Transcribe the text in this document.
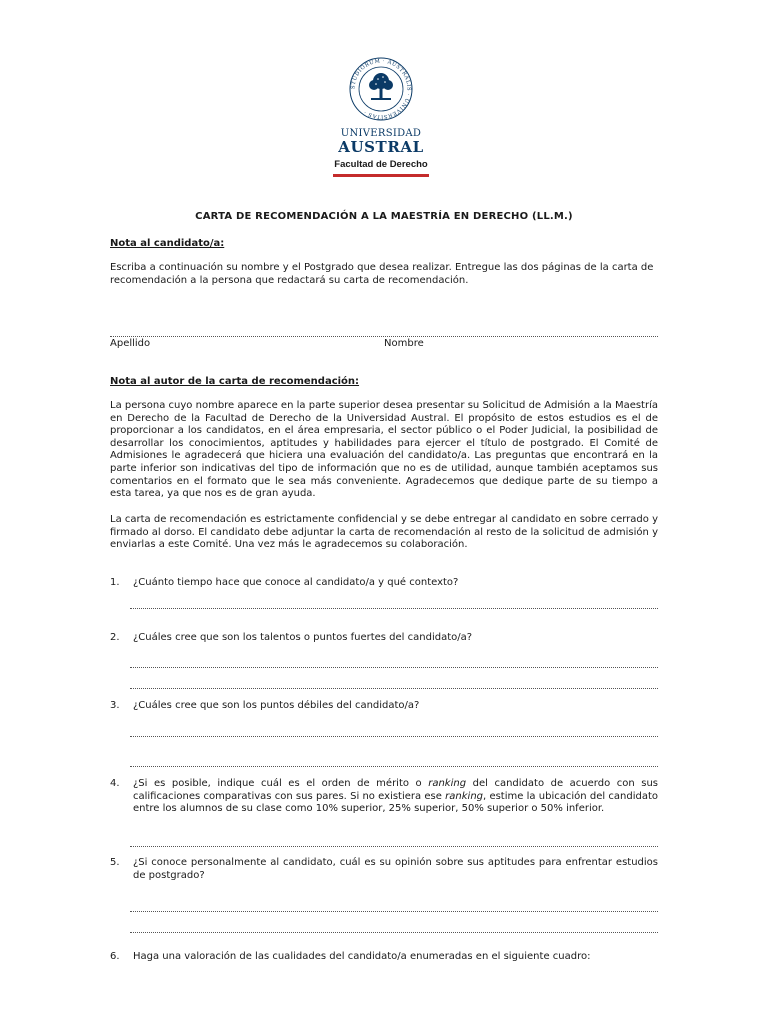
STUDIORUM · AUSTRALIS · UNIVERSITAS ·
UNIVERSIDAD
AUSTRAL
Facultad de Derecho
CARTA DE RECOMENDACIÓN A LA MAESTRÍA EN DERECHO (LL.M.)
Nota al candidato/a:
Escriba a continuación su nombre y el Postgrado que desea realizar. Entregue las dos páginas de la carta de recomendación a la persona que redactará su carta de recomendación.
Apellido	Nombre
Nota al autor de la carta de recomendación:
La persona cuyo nombre aparece en la parte superior desea presentar su Solicitud de Admisión a la Maestría en Derecho de la Facultad de Derecho de la Universidad Austral. El propósito de estos estudios es el de proporcionar a los candidatos, en el área empresaria, el sector público o el Poder Judicial, la posibilidad de desarrollar los conocimientos, aptitudes y habilidades para ejercer el título de postgrado. El Comité de Admisiones le agradecerá que hiciera una evaluación del candidato/a. Las preguntas que encontrará en la parte inferior son indicativas del tipo de información que no es de utilidad, aunque también aceptamos sus comentarios en el formato que le sea más conveniente. Agradecemos que dedique parte de su tiempo a esta tarea, ya que nos es de gran ayuda.
La carta de recomendación es estrictamente confidencial y se debe entregar al candidato en sobre cerrado y firmado al dorso. El candidato debe adjuntar la carta de recomendación al resto de la solicitud de admisión y enviarlas a este Comité. Una vez más le agradecemos su colaboración.
1. ¿Cuánto tiempo hace que conoce al candidato/a y qué contexto?
2. ¿Cuáles cree que son los talentos o puntos fuertes del candidato/a?
3. ¿Cuáles cree que son los puntos débiles del candidato/a?
4. ¿Si es posible, indique cuál es el orden de mérito o ranking del candidato de acuerdo con sus calificaciones comparativas con sus pares. Si no existiera ese ranking, estime la ubicación del candidato entre los alumnos de su clase como 10% superior, 25% superior, 50% superior o 50% inferior.
5. ¿Si conoce personalmente al candidato, cuál es su opinión sobre sus aptitudes para enfrentar estudios de postgrado?
6. Haga una valoración de las cualidades del candidato/a enumeradas en el siguiente cuadro:
